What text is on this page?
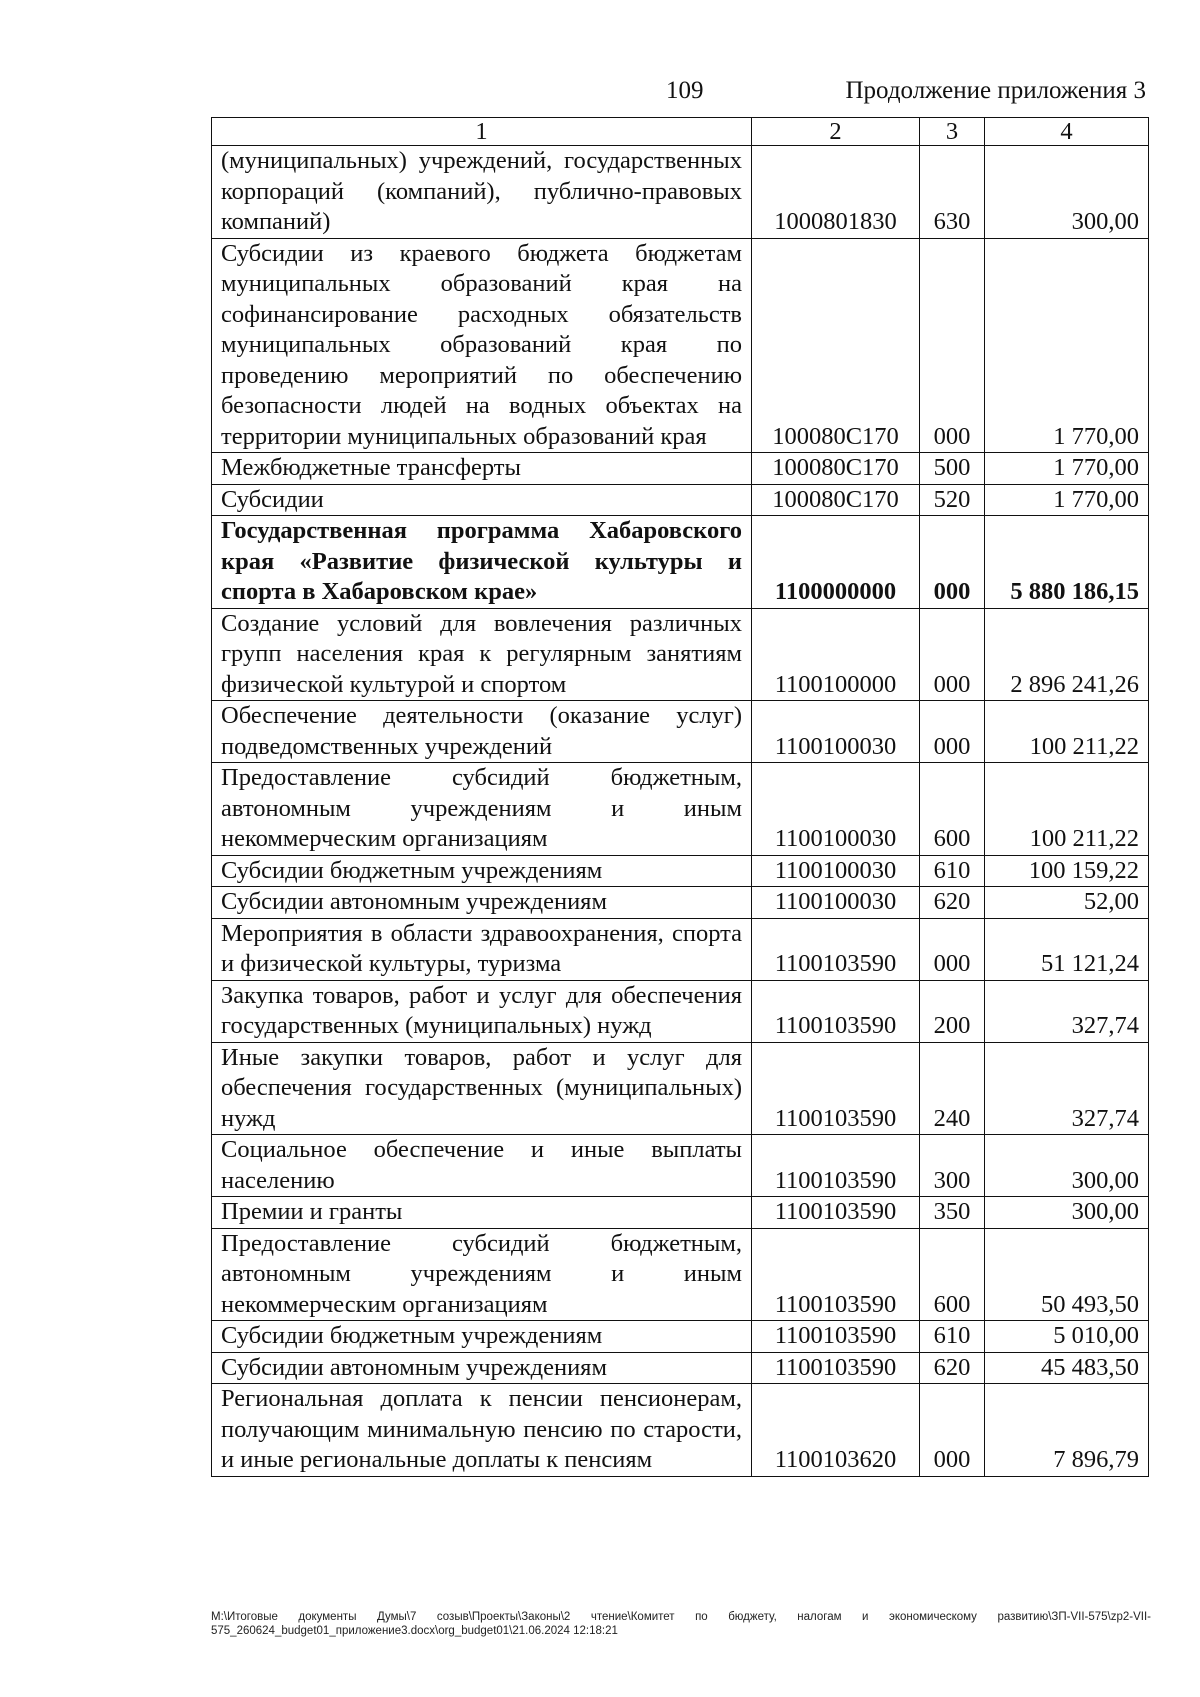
109	Продолжение приложения 3
1	2	3	4
(муниципальных) учреждений, государственных корпораций (компаний), публично-правовых компаний)	1000801830	630	300,00
Субсидии из краевого бюджета бюджетам муниципальных образований края на софинансирование расходных обязательств муниципальных образований края по проведению мероприятий по обеспечению безопасности людей на водных объектах на территории муниципальных образований края	100080С170	000	1 770,00
Межбюджетные трансферты	100080С170	500	1 770,00
Субсидии	100080С170	520	1 770,00
Государственная программа Хабаровского края «Развитие физической культуры и спорта в Хабаровском крае»	1100000000	000	5 880 186,15
Создание условий для вовлечения различных групп населения края к регулярным занятиям физической культурой и спортом	1100100000	000	2 896 241,26
Обеспечение деятельности (оказание услуг) подведомственных учреждений	1100100030	000	100 211,22
Предоставление субсидий бюджетным, автономным учреждениям и иным некоммерческим организациям	1100100030	600	100 211,22
Субсидии бюджетным учреждениям	1100100030	610	100 159,22
Субсидии автономным учреждениям	1100100030	620	52,00
Мероприятия в области здравоохранения, спорта и физической культуры, туризма	1100103590	000	51 121,24
Закупка товаров, работ и услуг для обеспечения государственных (муниципальных) нужд	1100103590	200	327,74
Иные закупки товаров, работ и услуг для обеспечения государственных (муниципальных) нужд	1100103590	240	327,74
Социальное обеспечение и иные выплаты населению	1100103590	300	300,00
Премии и гранты	1100103590	350	300,00
Предоставление субсидий бюджетным, автономным учреждениям и иным некоммерческим организациям	1100103590	600	50 493,50
Субсидии бюджетным учреждениям	1100103590	610	5 010,00
Субсидии автономным учреждениям	1100103590	620	45 483,50
Региональная доплата к пенсии пенсионерам, получающим минимальную пенсию по старости, и иные региональные доплаты к пенсиям	1100103620	000	7 896,79
М:\Итоговые документы Думы\7 созыв\Проекты\Законы\2 чтение\Комитет по бюджету, налогам и экономическому развитию\ЗП-VII-575\zp2-VII-575_260624_budget01_приложение3.docx\org_budget01\21.06.2024 12:18:21
